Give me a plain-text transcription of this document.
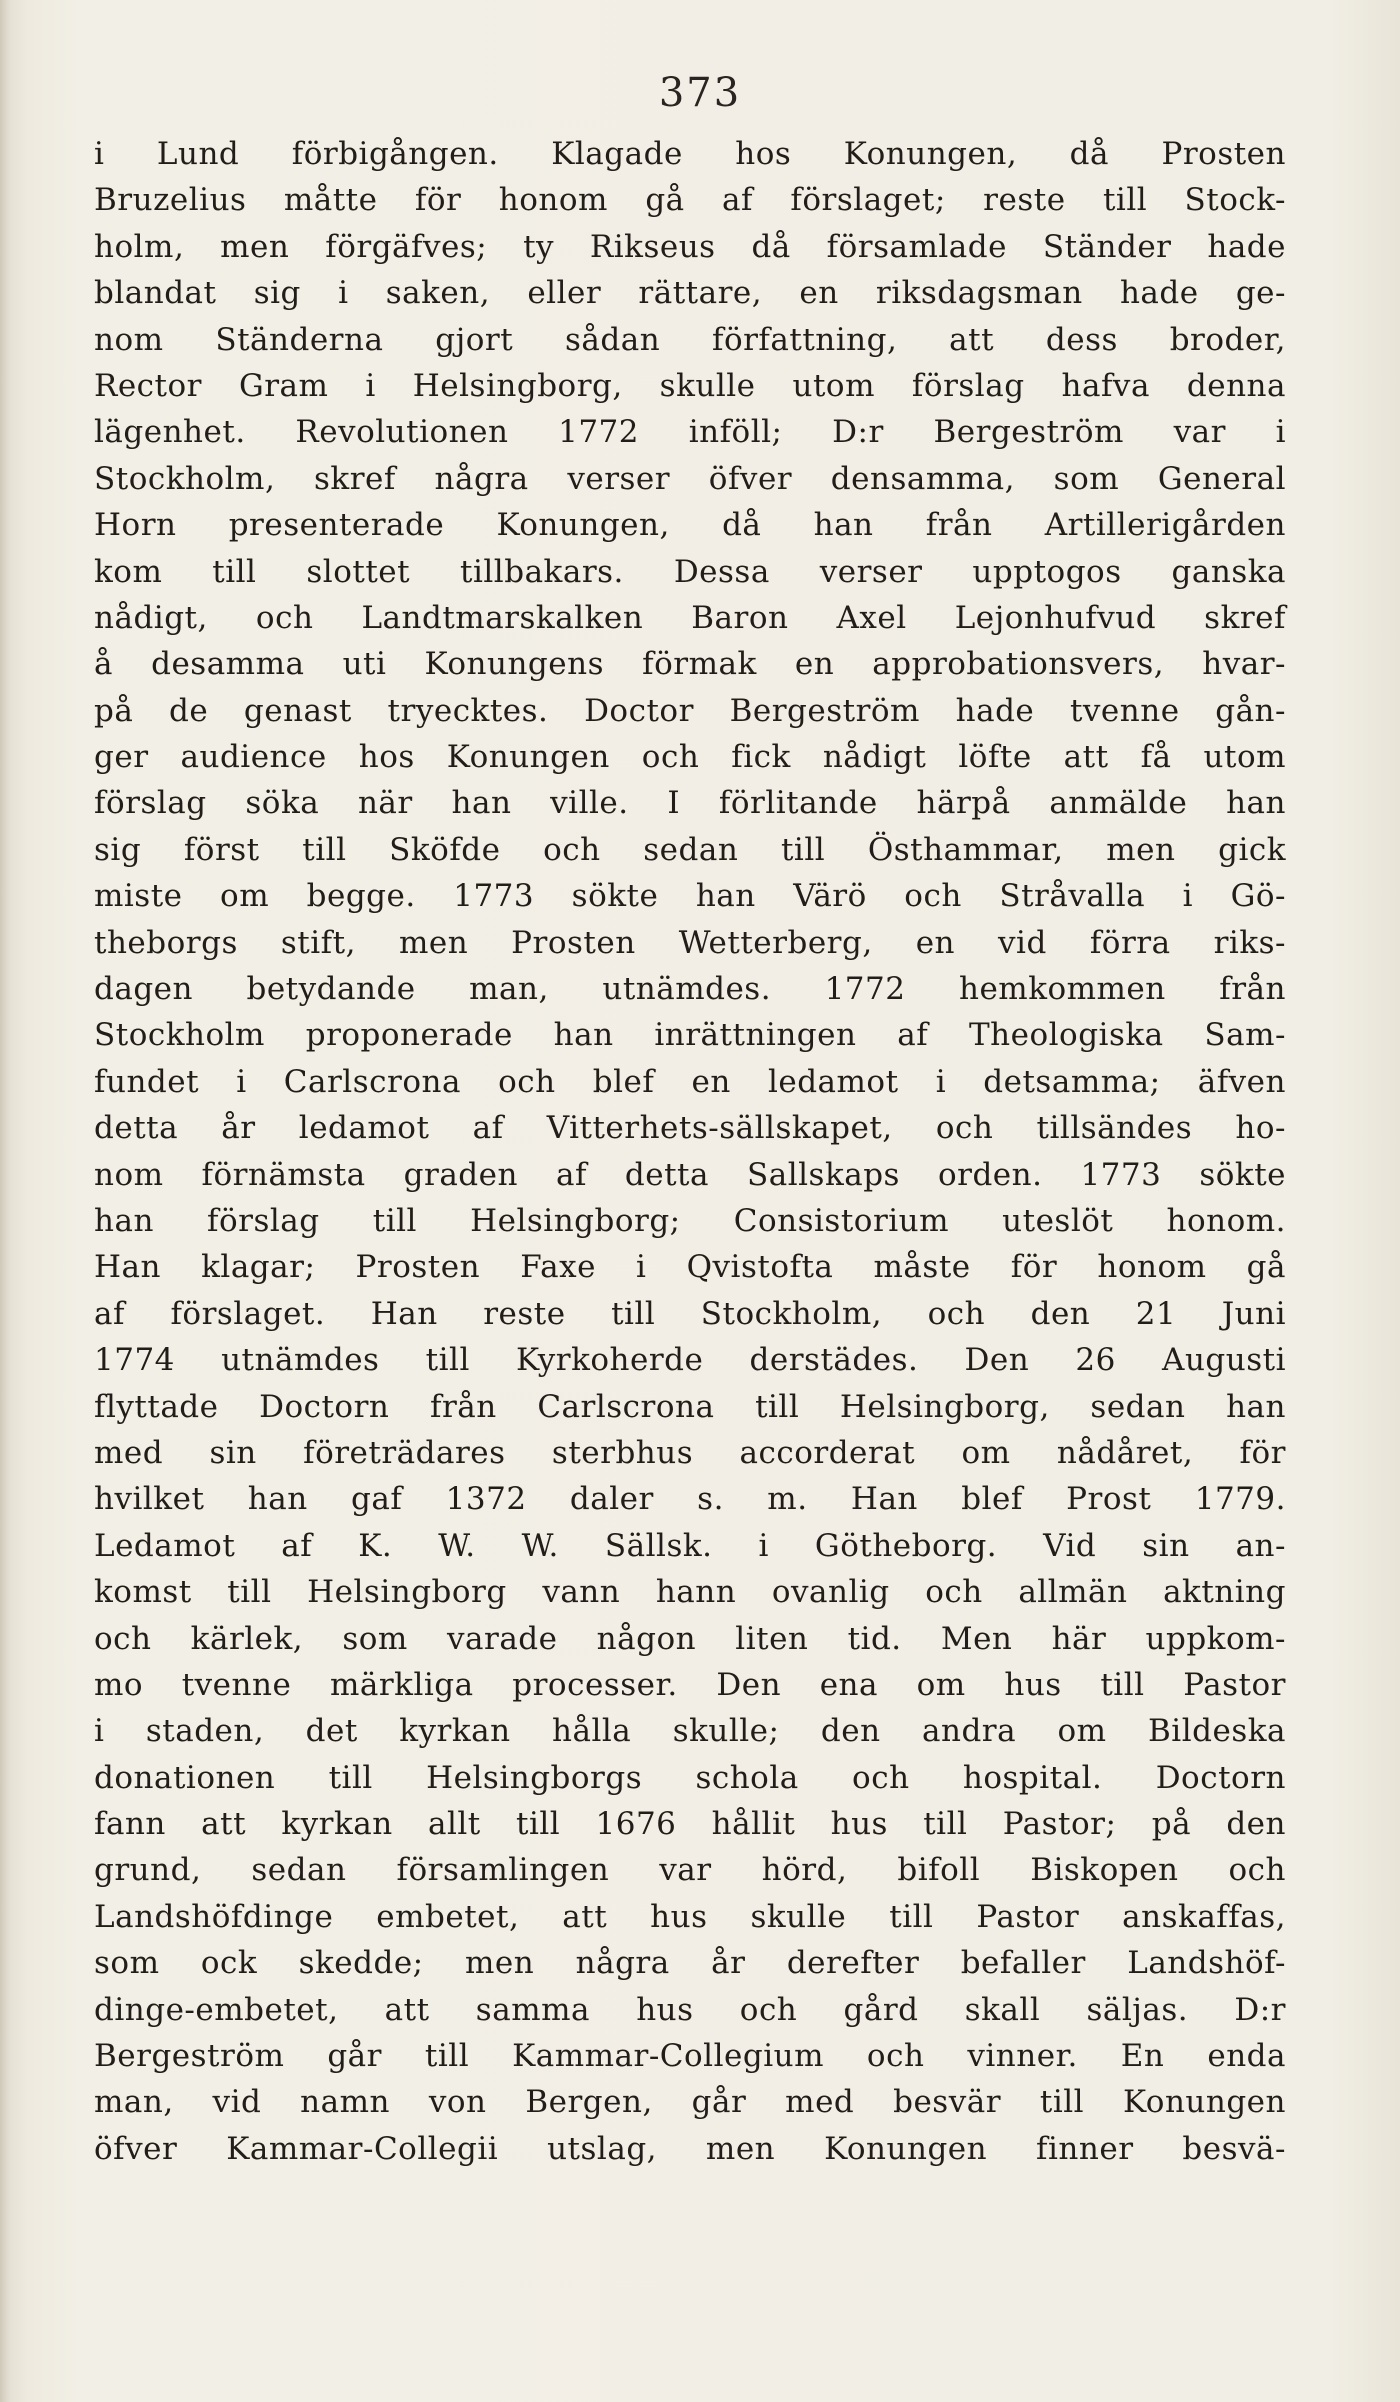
373
i Lund förbigången. Klagade hos Konungen, då Prosten
Bruzelius måtte för honom gå af förslaget; reste till Stock-
holm, men förgäfves; ty Rikseus då församlade Ständer hade
blandat sig i saken, eller rättare, en riksdagsman hade ge-
nom Ständerna gjort sådan författning, att dess broder,
Rector Gram i Helsingborg, skulle utom förslag hafva denna
lägenhet. Revolutionen 1772 inföll; D:r Bergeström var i
Stockholm, skref några verser öfver densamma, som General
Horn presenterade Konungen, då han från Artillerigården
kom till slottet tillbakars. Dessa verser upptogos ganska
nådigt, och Landtmarskalken Baron Axel Lejonhufvud skref
å desamma uti Konungens förmak en approbationsvers, hvar-
på de genast tryecktes. Doctor Bergeström hade tvenne gån-
ger audience hos Konungen och fick nådigt löfte att få utom
förslag söka när han ville. I förlitande härpå anmälde han
sig först till Sköfde och sedan till Östhammar, men gick
miste om begge. 1773 sökte han Värö och Stråvalla i Gö-
theborgs stift, men Prosten Wetterberg, en vid förra riks-
dagen betydande man, utnämdes. 1772 hemkommen från
Stockholm proponerade han inrättningen af Theologiska Sam-
fundet i Carlscrona och blef en ledamot i detsamma; äfven
detta år ledamot af Vitterhets-sällskapet, och tillsändes ho-
nom förnämsta graden af detta Sallskaps orden. 1773 sökte
han förslag till Helsingborg; Consistorium uteslöt honom.
Han klagar; Prosten Faxe i Qvistofta måste för honom gå
af förslaget. Han reste till Stockholm, och den 21 Juni
1774 utnämdes till Kyrkoherde derstädes. Den 26 Augusti
flyttade Doctorn från Carlscrona till Helsingborg, sedan han
med sin företrädares sterbhus accorderat om nådåret, för
hvilket han gaf 1372 daler s. m. Han blef Prost 1779.
Ledamot af K. W. W. Sällsk. i Götheborg. Vid sin an-
komst till Helsingborg vann hann ovanlig och allmän aktning
och kärlek, som varade någon liten tid. Men här uppkom-
mo tvenne märkliga processer. Den ena om hus till Pastor
i staden, det kyrkan hålla skulle; den andra om Bildeska
donationen till Helsingborgs schola och hospital. Doctorn
fann att kyrkan allt till 1676 hållit hus till Pastor; på den
grund, sedan församlingen var hörd, bifoll Biskopen och
Landshöfdinge embetet, att hus skulle till Pastor anskaffas,
som ock skedde; men några år derefter befaller Landshöf-
dinge-embetet, att samma hus och gård skall säljas. D:r
Bergeström går till Kammar-Collegium och vinner. En enda
man, vid namn von Bergen, går med besvär till Konungen
öfver Kammar-Collegii utslag, men Konungen finner besvä-
